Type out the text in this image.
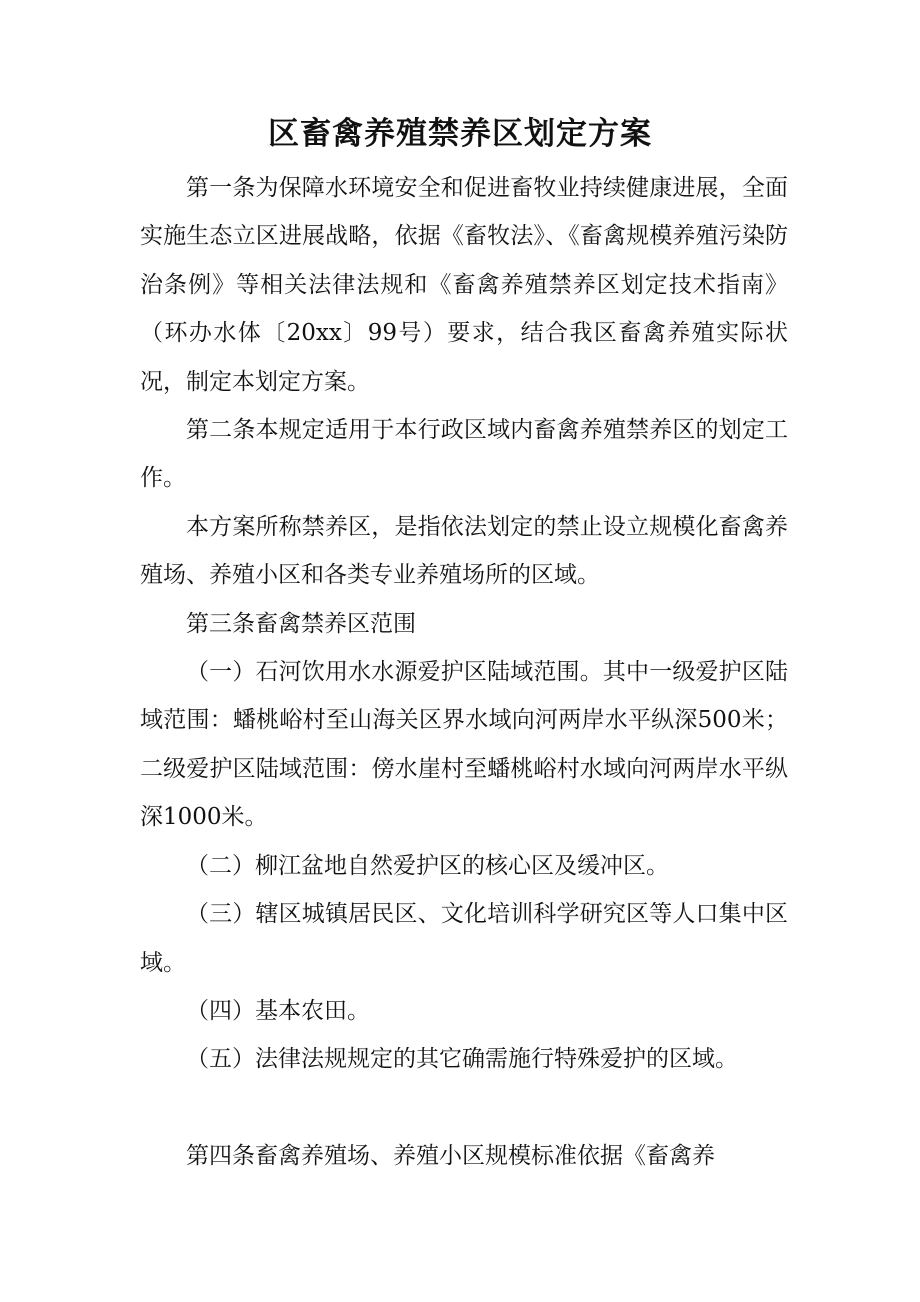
区畜禽养殖禁养区划定方案

第一条为保障水环境安全和促进畜牧业持续健康进展，全面实施生态立区进展战略，依据《畜牧法》、《畜禽规模养殖污染防治条例》等相关法律法规和《畜禽养殖禁养区划定技术指南》（环办水体〔20xx〕99号）要求，结合我区畜禽养殖实际状况，制定本划定方案。

第二条本规定适用于本行政区域内畜禽养殖禁养区的划定工作。

本方案所称禁养区，是指依法划定的禁止设立规模化畜禽养殖场、养殖小区和各类专业养殖场所的区域。

第三条畜禽禁养区范围

（一）石河饮用水水源爱护区陆域范围。其中一级爱护区陆域范围：蟠桃峪村至山海关区界水域向河两岸水平纵深500米；二级爱护区陆域范围：傍水崖村至蟠桃峪村水域向河两岸水平纵深1000米。

（二）柳江盆地自然爱护区的核心区及缓冲区。

（三）辖区城镇居民区、文化培训科学研究区等人口集中区域。

（四）基本农田。

（五）法律法规规定的其它确需施行特殊爱护的区域。

第四条畜禽养殖场、养殖小区规模标准依据《畜禽养
